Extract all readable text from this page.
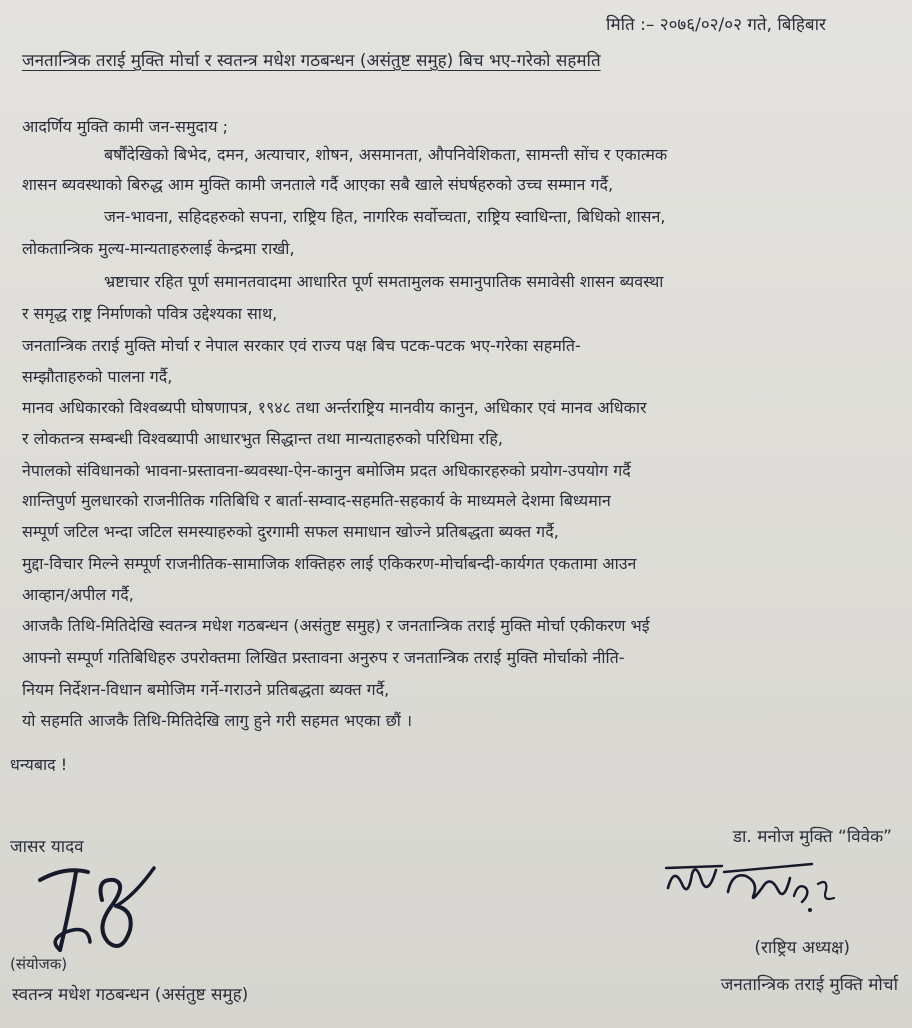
मिति :– २०७६/०२/०२ गते, बिहिबार
जनतान्त्रिक तराई मुक्ति मोर्चा र स्वतन्त्र मधेश गठबन्धन (असंतुष्ट समुह) बिच भए-गरेको सहमति
आदर्णिय मुक्ति कामी जन-समुदाय ;
बर्षौंदेखिको बिभेद, दमन, अत्याचार, शोषन, असमानता, औपनिवेशिकता, सामन्ती सोंच र एकात्मक
शासन ब्यवस्थाको बिरुद्ध आम मुक्ति कामी जनताले गर्दै आएका सबै खाले संघर्षहरुको उच्च सम्मान गर्दै,
जन-भावना, सहिदहरुको सपना, राष्ट्रिय हित, नागरिक सर्वोच्चता, राष्ट्रिय स्वाधिन्ता, बिधिको शासन,
लोकतान्त्रिक मुल्य-मान्यताहरुलाई केन्द्रमा राखी,
भ्रष्टाचार रहित पूर्ण समानतवादमा आधारित पूर्ण समतामुलक समानुपातिक समावेसी शासन ब्यवस्था
र समृद्ध राष्ट्र निर्माणको पवित्र उद्देश्यका साथ,
जनतान्त्रिक तराई मुक्ति मोर्चा र नेपाल सरकार एवं राज्य पक्ष बिच पटक-पटक भए-गरेका सहमति-
सम्झौताहरुको पालना गर्दै,
मानव अधिकारको विश्वब्यपी घोषणापत्र, १९४८ तथा अर्न्तराष्ट्रिय मानवीय कानुन, अधिकार एवं मानव अधिकार
र लोकतन्त्र सम्बन्धी विश्वब्यापी आधारभुत सिद्धान्त तथा मान्यताहरुको परिधिमा रहि,
नेपालको संविधानको भावना-प्रस्तावना-ब्यवस्था-ऐन-कानुन बमोजिम प्रदत अधिकारहरुको प्रयोग-उपयोग गर्दै
शान्तिपुर्ण मुलधारको राजनीतिक गतिबिधि र बार्ता-सम्वाद-सहमति-सहकार्य के माध्यमले देशमा बिध्यमान
सम्पूर्ण जटिल भन्दा जटिल समस्याहरुको दुरगामी सफल समाधान खोज्ने प्रतिबद्धता ब्यक्त गर्दै,
मुद्दा-विचार मिल्ने सम्पूर्ण राजनीतिक-सामाजिक शक्तिहरु लाई एकिकरण-मोर्चाबन्दी-कार्यगत एकतामा आउन
आव्हान/अपील गर्दै,
आजकै तिथि-मितिदेखि स्वतन्त्र मधेश गठबन्धन (असंतुष्ट समुह) र जनतान्त्रिक तराई मुक्ति मोर्चा एकीकरण भई
आफ्नो सम्पूर्ण गतिबिधिहरु उपरोक्तमा लिखित प्रस्तावना अनुरुप र जनतान्त्रिक तराई मुक्ति मोर्चाको नीति-
नियम निर्देशन-विधान बमोजिम गर्ने-गराउने प्रतिबद्धता ब्यक्त गर्दै,
यो सहमति आजकै तिथि-मितिदेखि लागु हुने गरी सहमत भएका छौं ।
धन्यबाद !
जासर यादव
(संयोजक)
स्वतन्त्र मधेश गठबन्धन (असंतुष्ट समुह)
डा. मनोज मुक्ति “विवेक”
(राष्ट्रिय अध्यक्ष)
जनतान्त्रिक तराई मुक्ति मोर्चा
